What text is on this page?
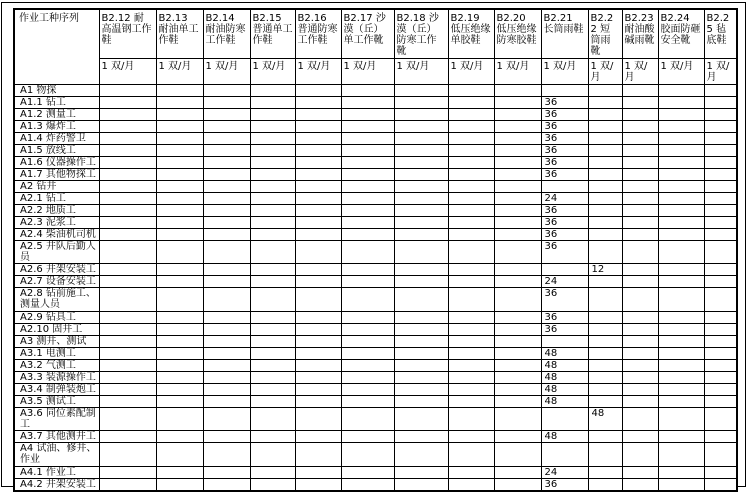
作业工种序列	B2.12 耐高温钢工作鞋	B2.13 耐油单工作鞋	B2.14 耐油防寒工作鞋	B2.15 普通单工作鞋	B2.16 普通防寒工作鞋	B2.17 沙漠（丘）单工作靴	B2.18 沙漠（丘）防寒工作靴	B2.19 低压绝缘单胶鞋	B2.20 低压绝缘防寒胶鞋	B2.21 长筒雨鞋	B2.22 短筒雨靴	B2.23 耐油酸碱雨靴	B2.24 胶面防砸安全靴	B2.25 毡底鞋
	1 双/月	1 双/月	1 双/月	1 双/月	1 双/月	1 双/月	1 双/月	1 双/月	1 双/月	1 双/月	1 双/月	1 双/月	1 双/月	1 双/月
A1 物探														
A1.1 钻工										36				
A1.2 测量工										36				
A1.3 爆炸工										36				
A1.4 炸药警卫										36				
A1.5 放线工										36				
A1.6 仪器操作工										36				
A1.7 其他物探工										36				
A2 钻井														
A2.1 钻工										24				
A2.2 地质工										36				
A2.3 泥浆工										36				
A2.4 柴油机司机										36				
A2.5 井队后勤人员										36				
A2.6 井架安装工											12			
A2.7 设备安装工										24				
A2.8 钻前施工、测量人员										36				
A2.9 钻具工										36				
A2.10 固井工										36				
A3 测井、测试														
A3.1 电测工										48				
A3.2 气测工										48				
A3.3 装源操作工										48				
A3.4 制弹装炮工										48				
A3.5 测试工										48				
A3.6 同位素配制工											48			
A3.7 其他测井工										48				
A4 试油、修井、作业														
A4.1 作业工										24				
A4.2 井架安装工										36				
